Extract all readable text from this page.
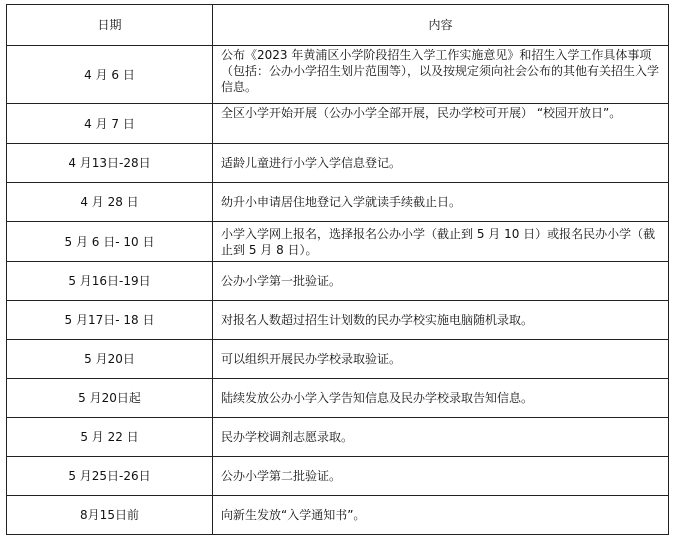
日期	内容
4 月 6 日	公布《2023 年黄浦区小学阶段招生入学工作实施意见》和招生入学工作具体事项（包括：公办小学招生划片范围等），以及按规定须向社会公布的其他有关招生入学信息。
4 月 7 日	全区小学开始开展（公办小学全部开展，民办学校可开展） “校园开放日”。
4 月13日-28日	适龄儿童进行小学入学信息登记。
4 月 28 日	幼升小申请居住地登记入学就读手续截止日。
5 月 6 日- 10 日	小学入学网上报名，选择报名公办小学（截止到 5 月 10 日）或报名民办小学（截止到 5 月 8 日）。
5 月16日-19日	公办小学第一批验证。
5 月17日- 18 日	对报名人数超过招生计划数的民办学校实施电脑随机录取。
5 月20日	可以组织开展民办学校录取验证。
5 月20日起	陆续发放公办小学入学告知信息及民办学校录取告知信息。
5 月 22 日	民办学校调剂志愿录取。
5 月25日-26日	公办小学第二批验证。
8月15日前	向新生发放“入学通知书”。
